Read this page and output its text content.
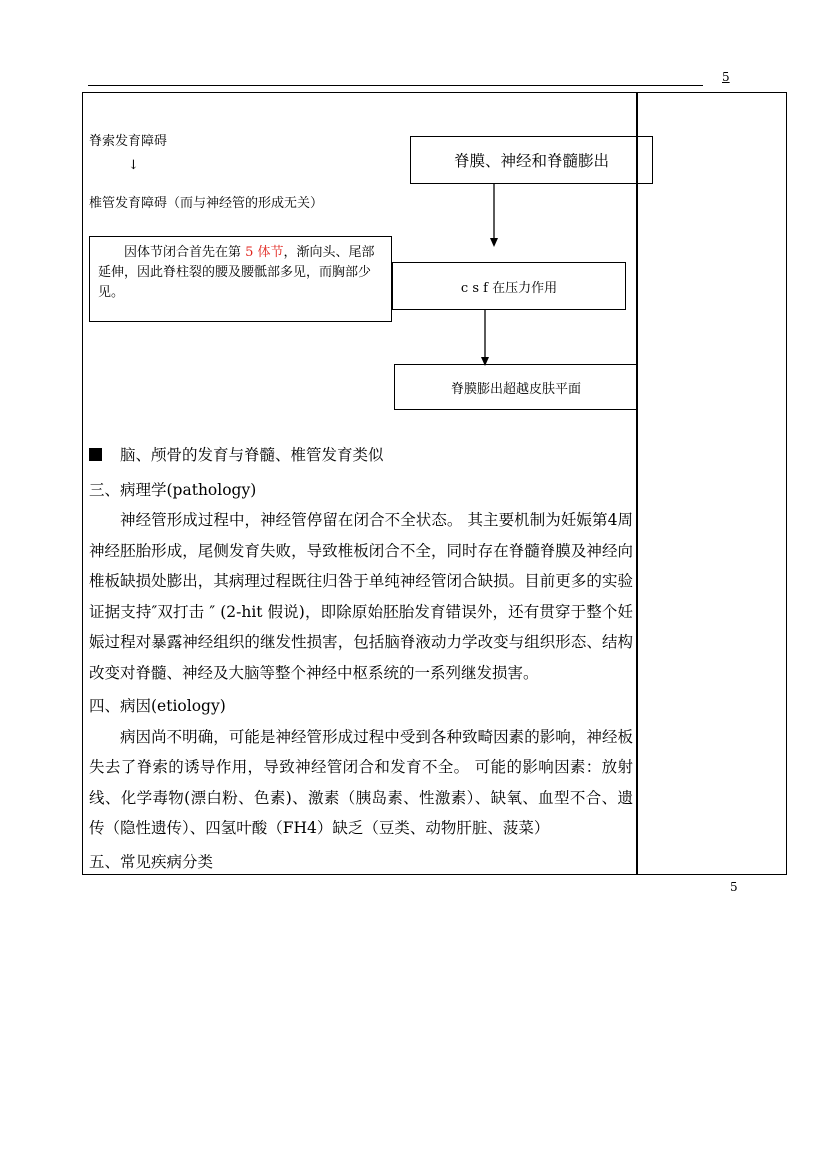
5
脊索发育障碍
↓
椎管发育障碍（而与神经管的形成无关）
因体节闭合首先在第 5 体节，渐向头、尾部延伸，因此脊柱裂的腰及腰骶部多见，而胸部少见。
脊膜、神经和脊髓膨出
c s f 在压力作用
脊膜膨出超越皮肤平面
脑、颅骨的发育与脊髓、椎管发育类似
三、病理学(pathology)
神经管形成过程中，神经管停留在闭合不全状态。 其主要机制为妊娠第4周神经胚胎形成，尾侧发育失败，导致椎板闭合不全，同时存在脊髓脊膜及神经向椎板缺损处膨出，其病理过程既往归咎于单纯神经管闭合缺损。目前更多的实验证据支持″双打击 ″ (2-hit 假说)，即除原始胚胎发育错误外，还有贯穿于整个妊娠过程对暴露神经组织的继发性损害，包括脑脊液动力学改变与组织形态、结构改变对脊髓、神经及大脑等整个神经中枢系统的一系列继发损害。
四、病因(etiology)
病因尚不明确，可能是神经管形成过程中受到各种致畸因素的影响，神经板失去了脊索的诱导作用，导致神经管闭合和发育不全。 可能的影响因素：放射线、化学毒物(漂白粉、色素)、激素（胰岛素、性激素）、缺氧、血型不合、遗传（隐性遗传）、四氢叶酸（FH4）缺乏（豆类、动物肝脏、菠菜）
五、常见疾病分类
5
